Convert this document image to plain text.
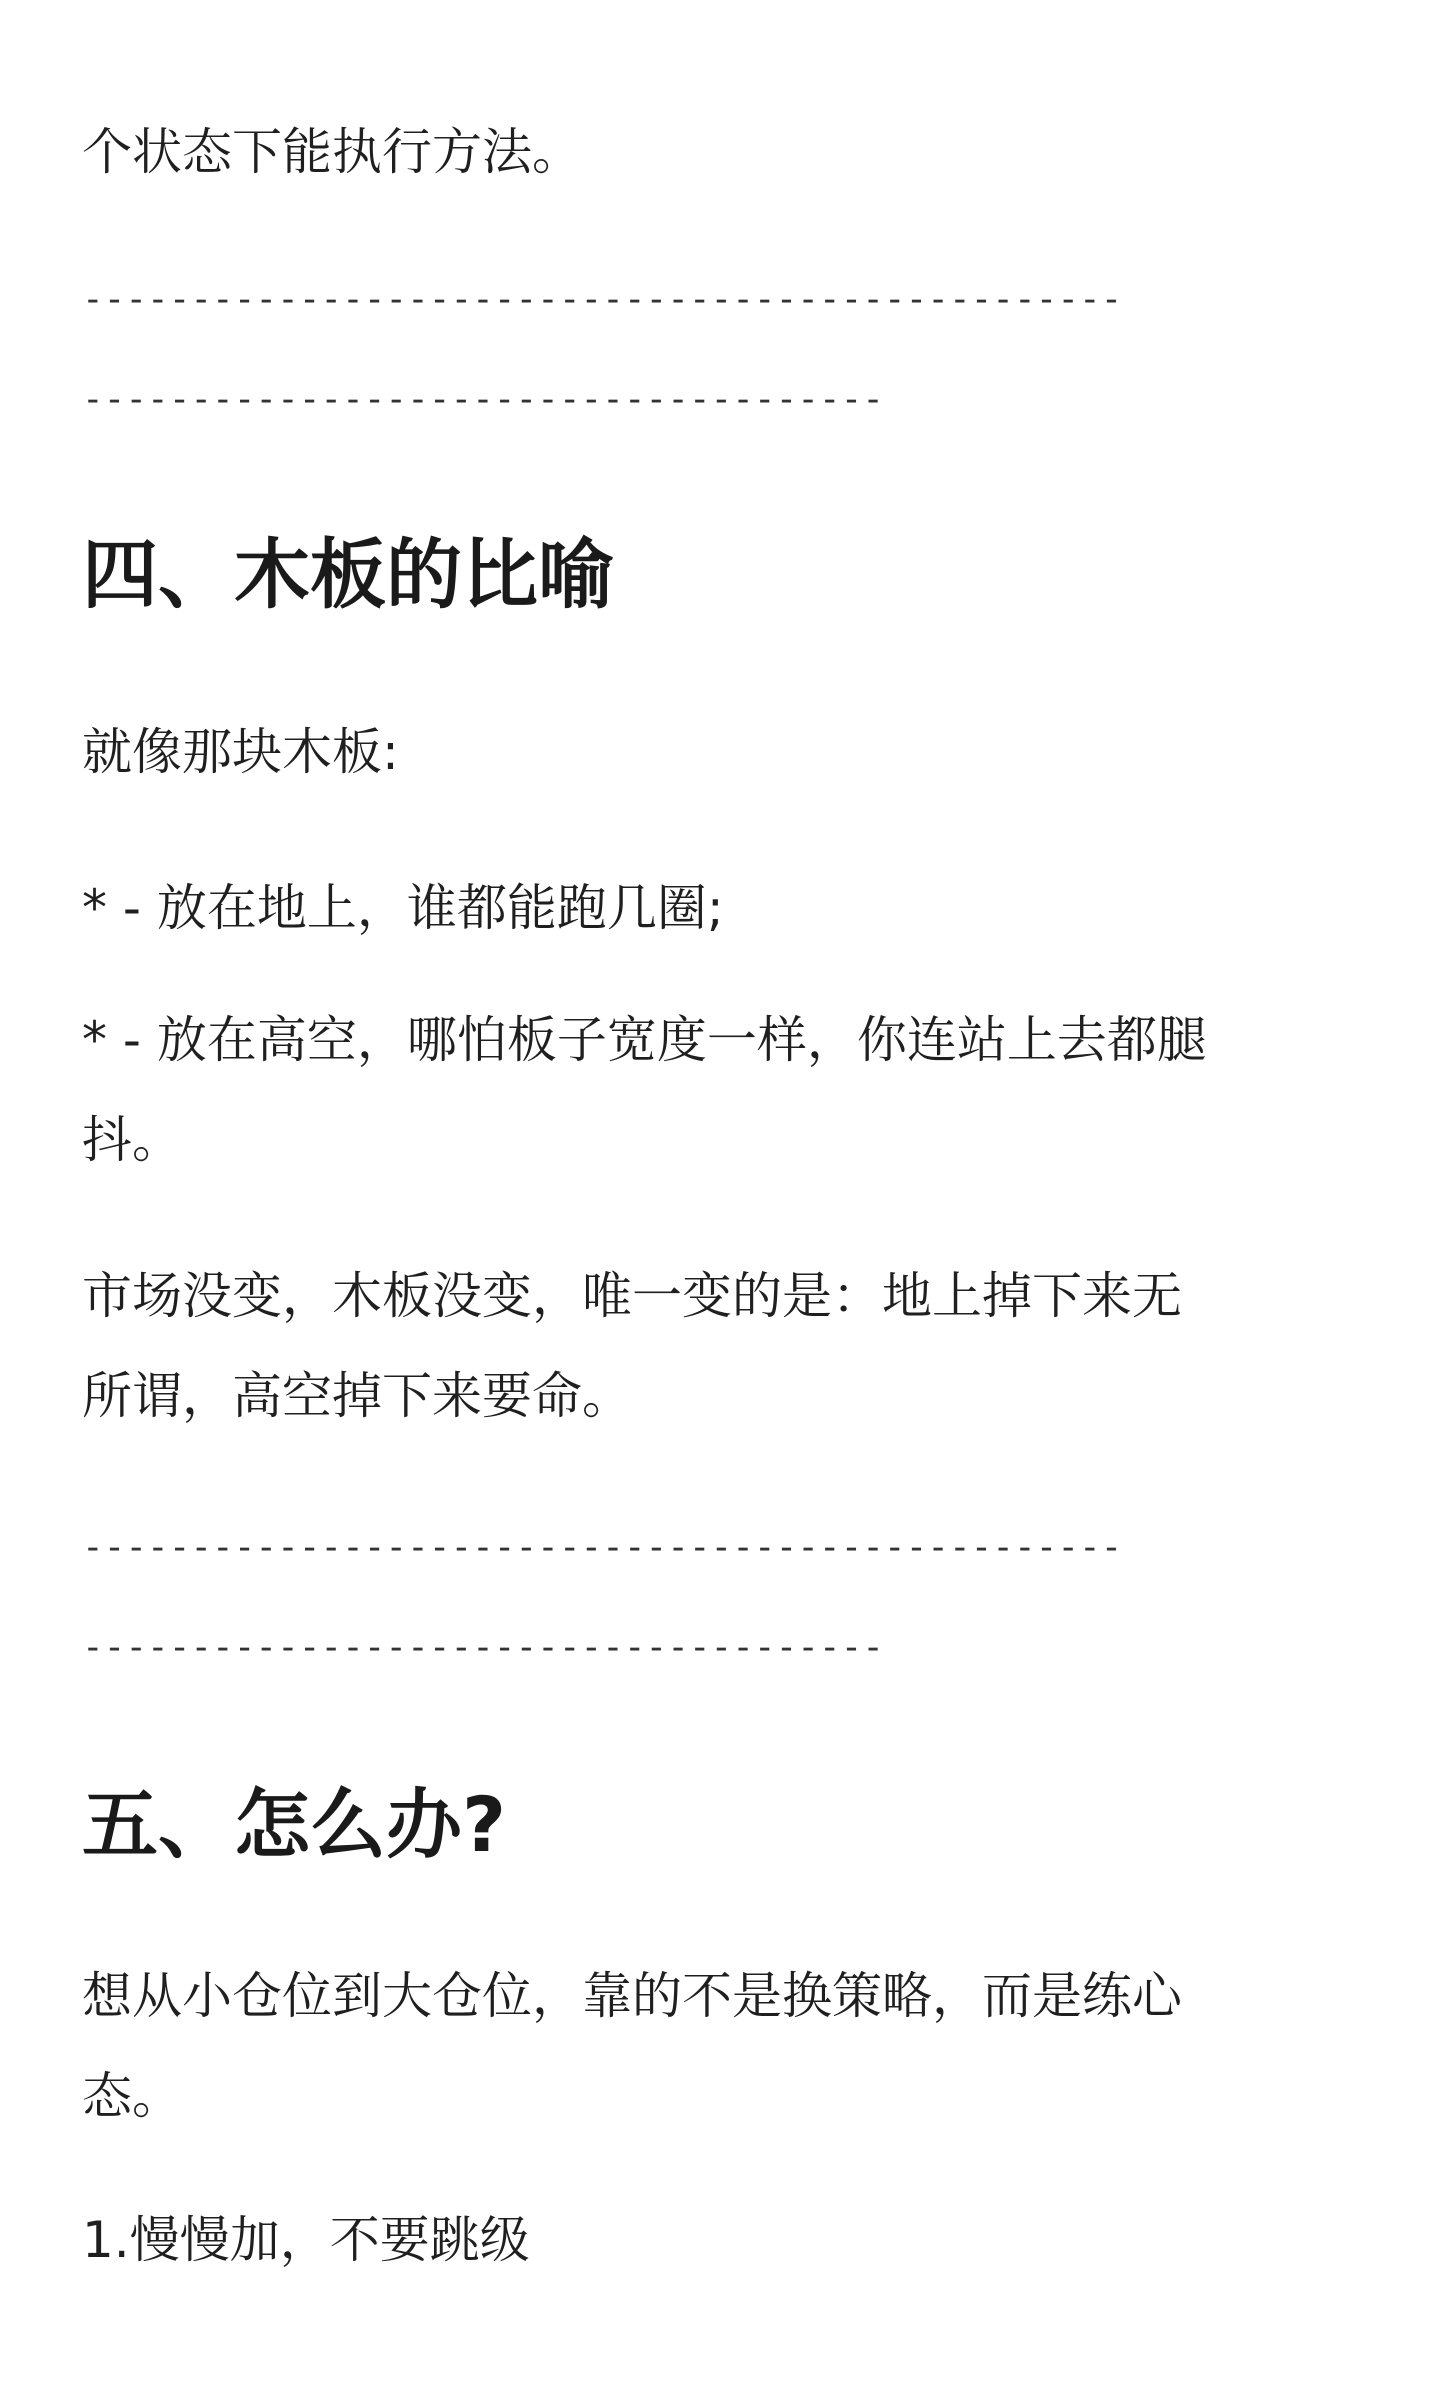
个状态下能执行方法。

------------------------------------------------

-------------------------------------

四、木板的比喻

就像那块木板:

* - 放在地上，谁都能跑几圈;

* - 放在高空，哪怕板子宽度一样，你连站上去都腿

抖。

市场没变，木板没变，唯一变的是：地上掉下来无

所谓，高空掉下来要命。

------------------------------------------------

-------------------------------------

五、怎么办?

想从小仓位到大仓位，靠的不是换策略，而是练心

态。

1.慢慢加，不要跳级
